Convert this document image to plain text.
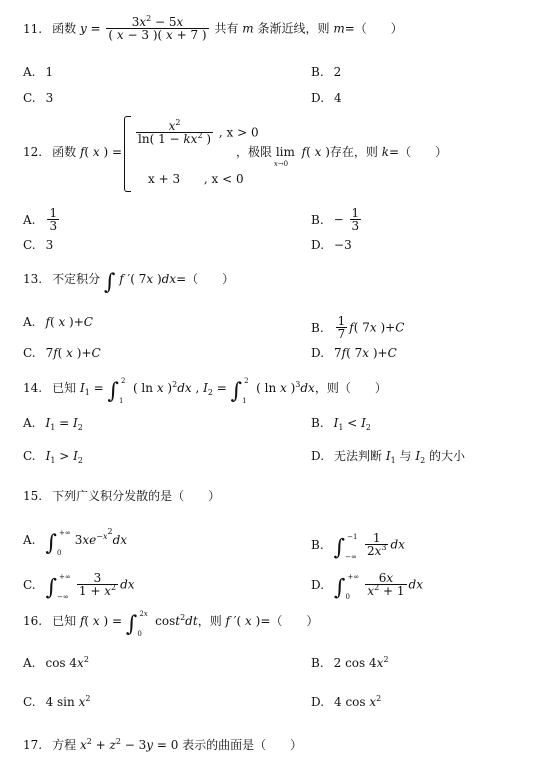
11. 函数 $y = \frac{3x^2 - 5x}{( x - 3 )( x + 7 )}$ 共有 m 条渐近线，则 m=（　　）
A. 1	B. 2
C. 3	D. 4
12. 函数 f( x ) =
$\frac{x^2}{\ln( 1 - kx^2 )}$ , x > 0
x + 3 , x < 0
，极限 lim
x→0
f( x )存在，则 k=（　　）
A. $\frac{1}{3}$	B. − $\frac{1}{3}$
C. 3	D. −3
13. 不定积分 ∫ f ′( 7x )dx=（　　）
A. f( x )+C	B. $\frac{1}{7} f$( 7x )+C
C. 7f( x )+C	D. 7f( 7x )+C
14. 已知 $I_1$ = ∫ 2
1
( ln x )$^2$dx , $I_2$ = ∫ 2
1
( ln x )$^3$dx，则（　　）
A. $I_1 = I_2$	B. $I_1 < I_2$
C. $I_1 > I_2$	D. 无法判断 $I_1$ 与 $I_2$ 的大小
15. 下列广义积分发散的是（　　）
A. ∫ +∞
0
$3xe^{-x^2}dx$	B. ∫ −1
−∞
$\frac{1}{2x^3}$ dx
C. ∫ +∞
−∞
$\frac{3}{1 + x^2}$ dx	D. ∫ +∞
0
$\frac{6x}{x^2 + 1}$ dx
16. 已知 f( x ) = ∫ 2x
0
cost$^2$dt，则 f ′( x )=（　　）
A. $\cos 4x^2$	B. 2 $\cos 4x^2$
C. 4 $\sin x^2$	D. 4 $\cos x^2$
17. 方程 $x^2 + z^2 - 3y = 0$ 表示的曲面是（　　）
